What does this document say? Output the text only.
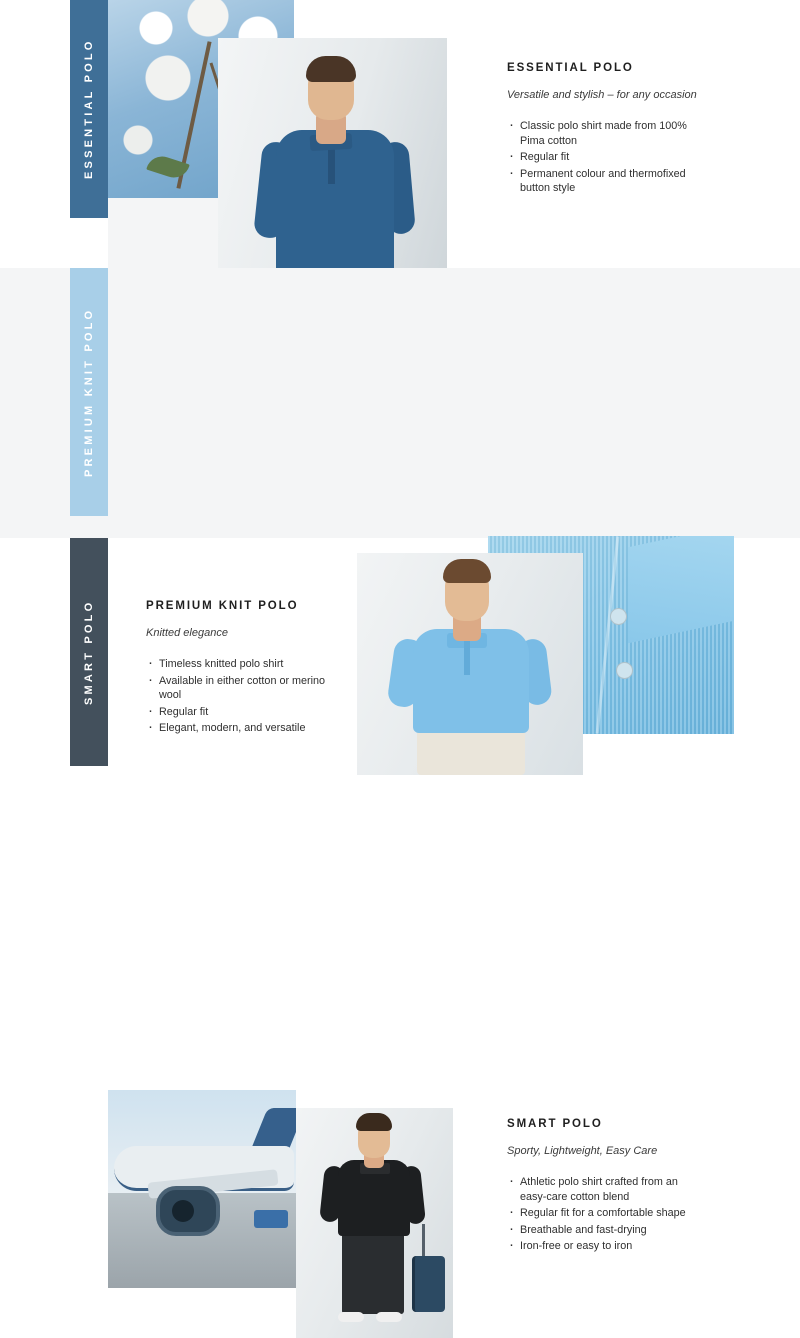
ESSENTIAL POLO
Versatile and stylish – for any occasion
· Classic polo shirt made from 100% Pima cotton
· Regular fit
· Permanent colour and thermofixed button style
ESSENTIAL POLO
PREMIUM KNIT POLO
Knitted elegance
· Timeless knitted polo shirt
· Available in either cotton or merino wool
· Regular fit
· Elegant, modern, and versatile
PREMIUM KNIT POLO
SMART POLO
Sporty, Lightweight, Easy Care
· Athletic polo shirt crafted from an easy-care cotton blend
· Regular fit for a comfortable shape
· Breathable and fast-drying
· Iron-free or easy to iron
SMART POLO
